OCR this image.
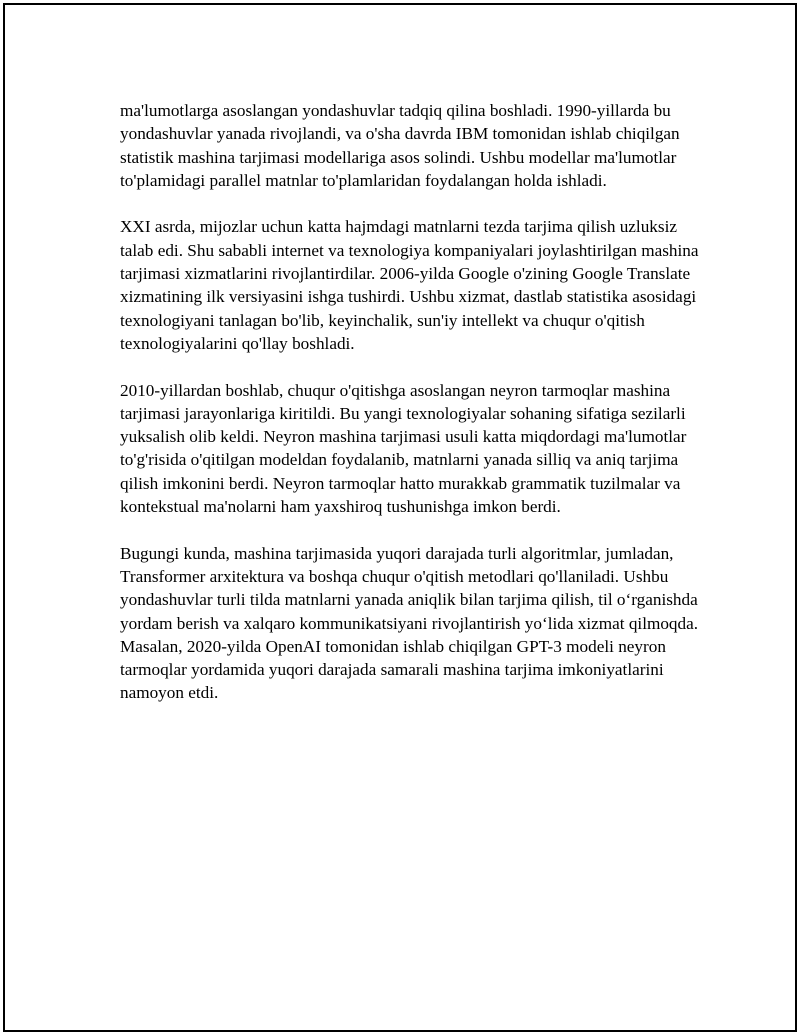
ma'lumotlarga asoslangan yondashuvlar tadqiq qilina boshladi. 1990-yillarda bu yondashuvlar yanada rivojlandi, va o'sha davrda IBM tomonidan ishlab chiqilgan statistik mashina tarjimasi modellariga asos solindi. Ushbu modellar ma'lumotlar to'plamidagi parallel matnlar to'plamlaridan foydalangan holda ishladi.

XXI asrda, mijozlar uchun katta hajmdagi matnlarni tezda tarjima qilish uzluksiz talab edi. Shu sababli internet va texnologiya kompaniyalari joylashtirilgan mashina tarjimasi xizmatlarini rivojlantirdilar. 2006-yilda Google o'zining Google Translate xizmatining ilk versiyasini ishga tushirdi. Ushbu xizmat, dastlab statistika asosidagi texnologiyani tanlagan bo'lib, keyinchalik, sun'iy intellekt va chuqur o'qitish texnologiyalarini qo'llay boshladi.

2010-yillardan boshlab, chuqur o'qitishga asoslangan neyron tarmoqlar mashina tarjimasi jarayonlariga kiritildi. Bu yangi texnologiyalar sohaning sifatiga sezilarli yuksalish olib keldi. Neyron mashina tarjimasi usuli katta miqdordagi ma'lumotlar to'g'risida o'qitilgan modeldan foydalanib, matnlarni yanada silliq va aniq tarjima qilish imkonini berdi. Neyron tarmoqlar hatto murakkab grammatik tuzilmalar va kontekstual ma'nolarni ham yaxshiroq tushunishga imkon berdi.

Bugungi kunda, mashina tarjimasida yuqori darajada turli algoritmlar, jumladan, Transformer arxitektura va boshqa chuqur o'qitish metodlari qo'llaniladi. Ushbu yondashuvlar turli tilda matnlarni yanada aniqlik bilan tarjima qilish, til o‘rganishda yordam berish va xalqaro kommunikatsiyani rivojlantirish yo‘lida xizmat qilmoqda. Masalan, 2020-yilda OpenAI tomonidan ishlab chiqilgan GPT-3 modeli neyron tarmoqlar yordamida yuqori darajada samarali mashina tarjima imkoniyatlarini namoyon etdi.
